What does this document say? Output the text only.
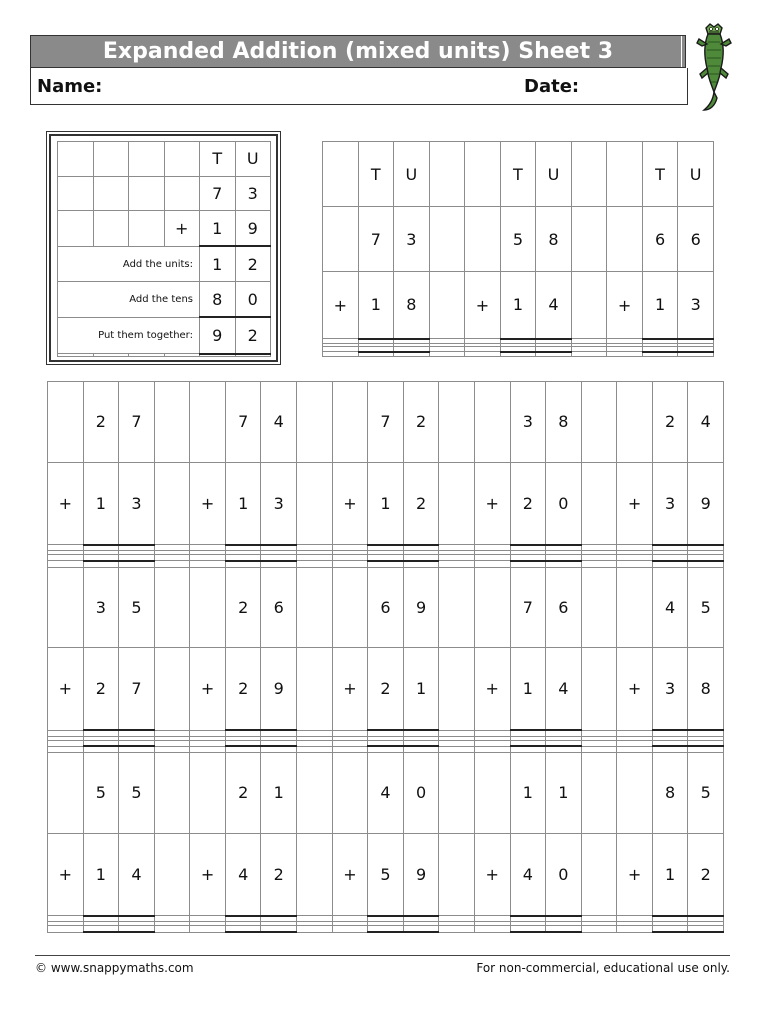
Expanded Addition (mixed units) Sheet 3
Name:	Date:
				T	U
				7	3
			+	1	9
Add the units:				1	2
Add the tens				8	0
Put them together:				9	2

	T	U			T	U			T	U
	7	3			5	8			6	6
+	1	8		+	1	4		+	1	3

	2	7			7	4			7	2			3	8			2	4
+	1	3		+	1	3		+	1	2		+	2	0		+	3	9

	3	5			2	6			6	9			7	6			4	5
+	2	7		+	2	9		+	2	1		+	1	4		+	3	8

	5	5			2	1			4	0			1	1			8	5
+	1	4		+	4	2		+	5	9		+	4	0		+	1	2

© www.snappymaths.com	For non-commercial, educational use only.
